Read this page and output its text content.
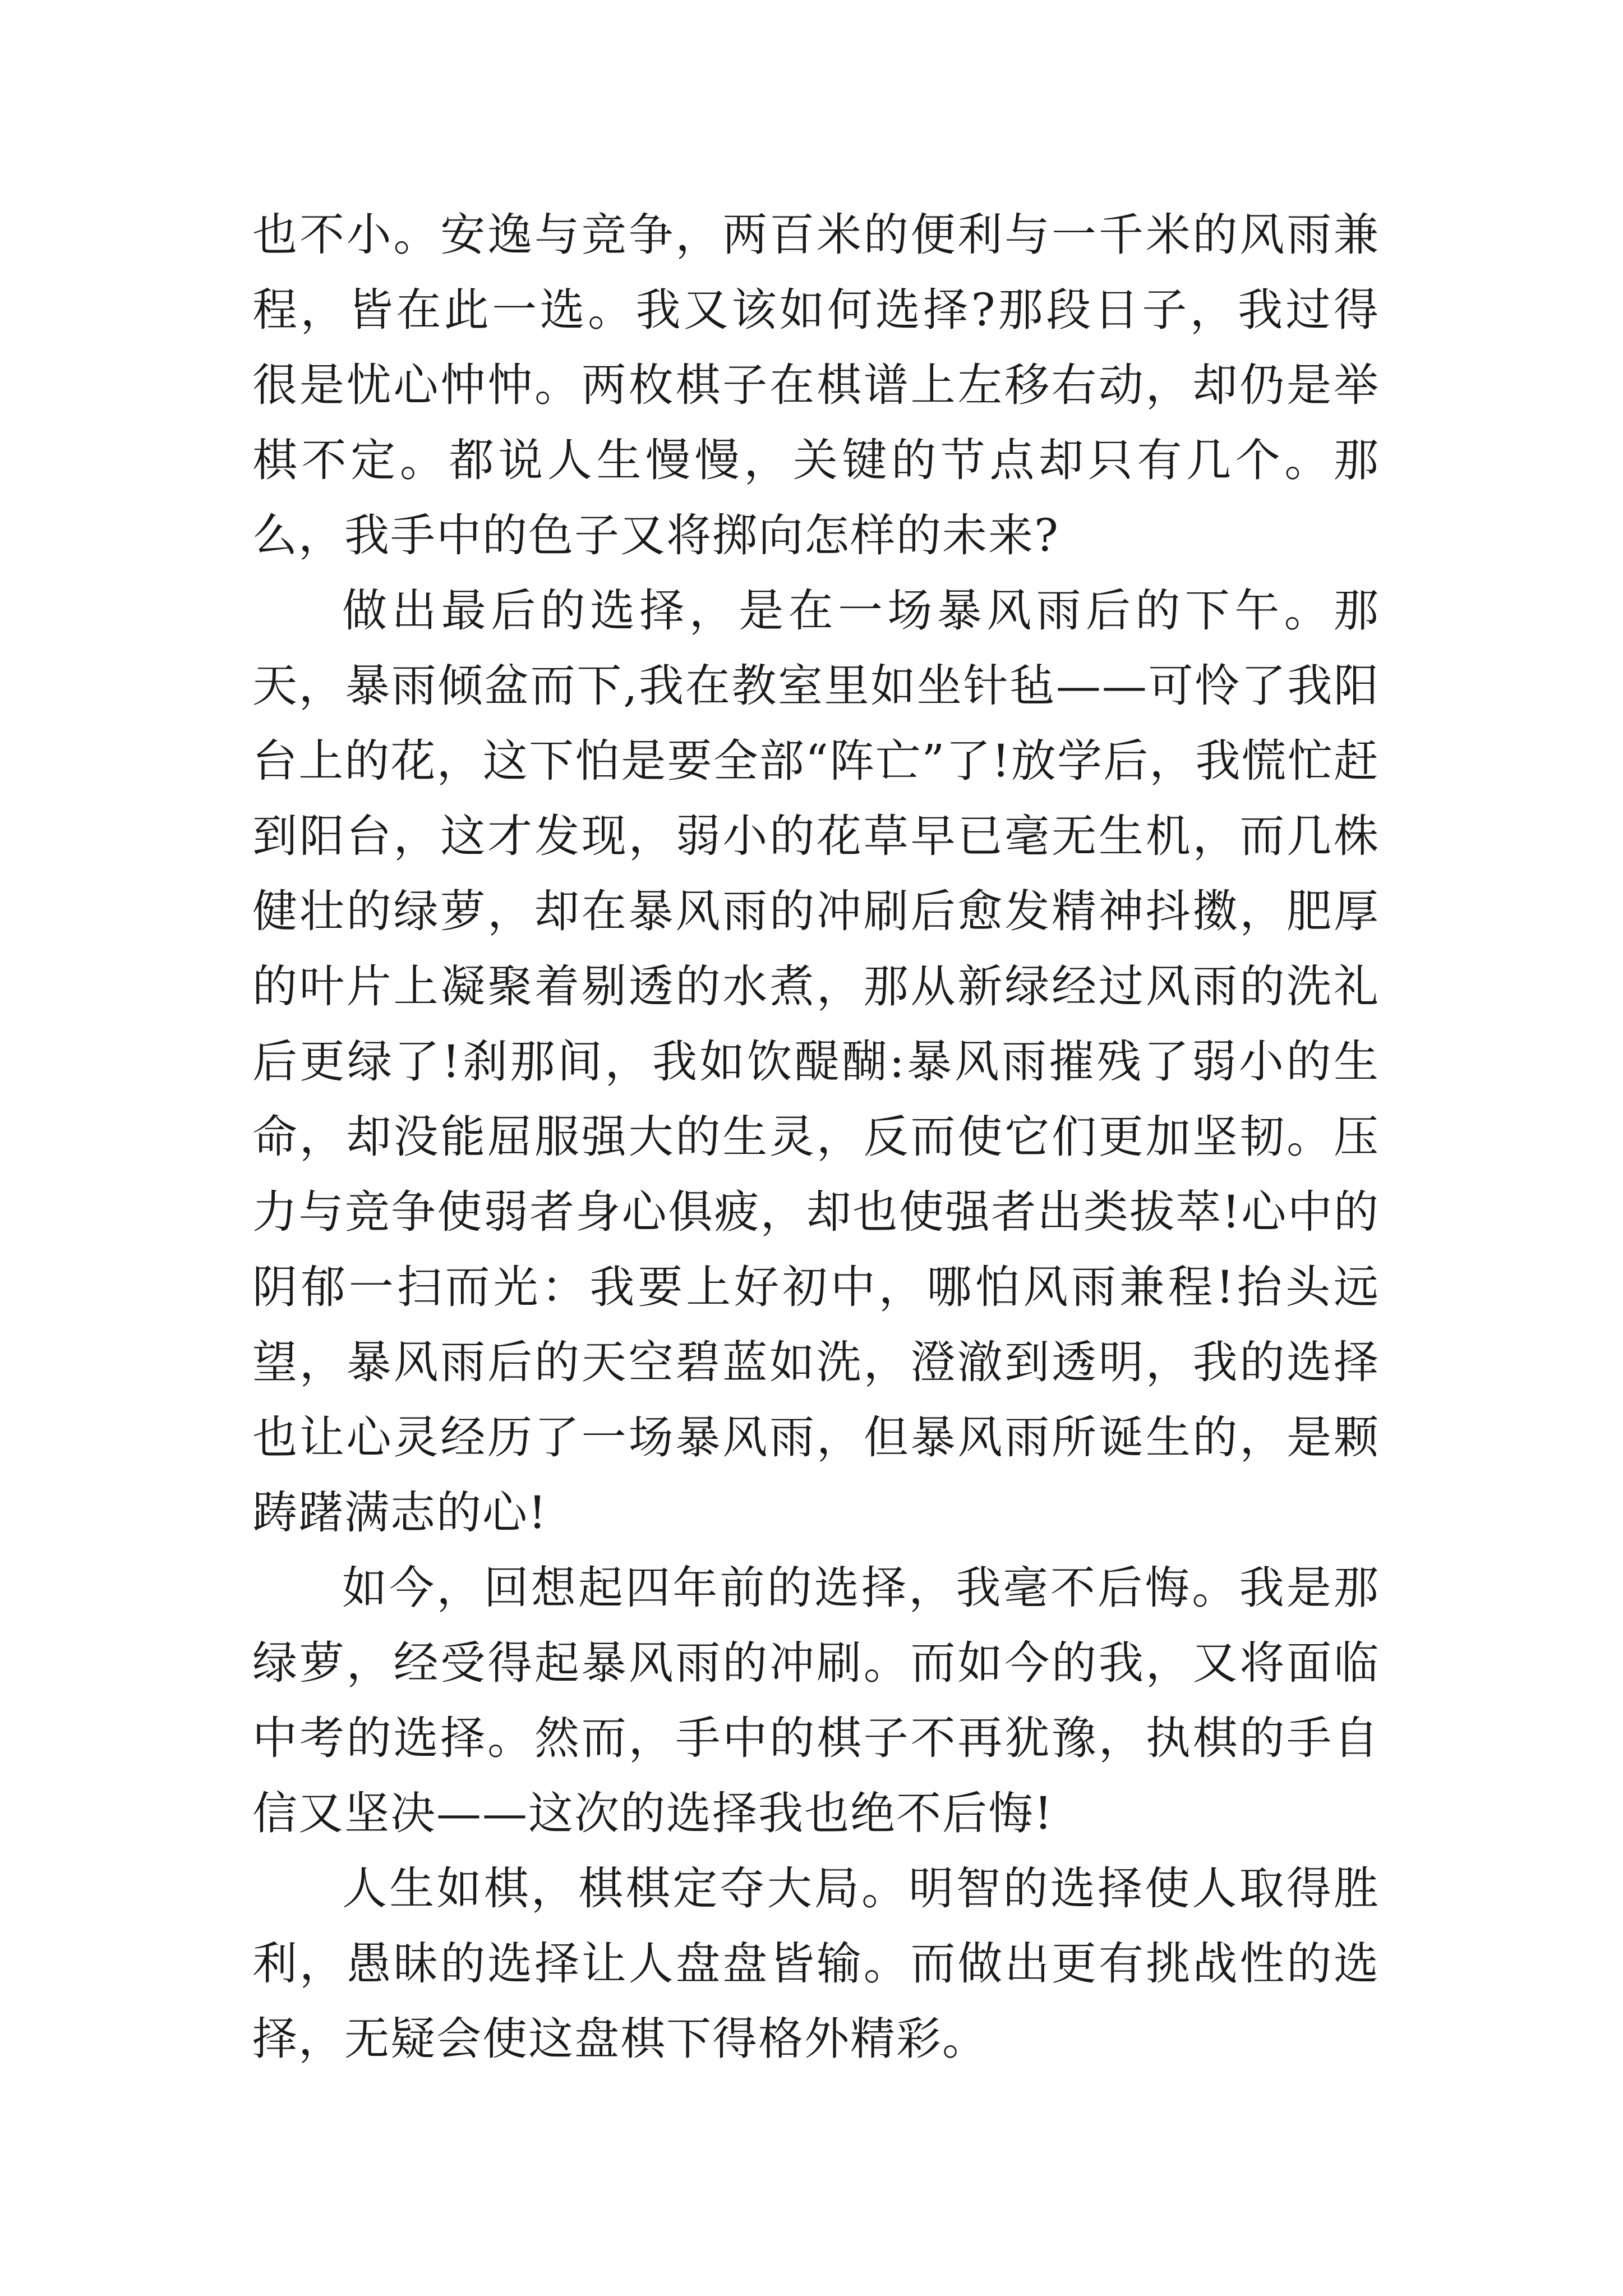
也不小。安逸与竞争，两百米的便利与一千米的风雨兼程，皆在此一选。我又该如何选择?那段日子，我过得很是忧心忡忡。两枚棋子在棋谱上左移右动，却仍是举棋不定。都说人生慢慢，关键的节点却只有几个。那么，我手中的色子又将掷向怎样的未来?

做出最后的选择，是在一场暴风雨后的下午。那天，暴雨倾盆而下,我在教室里如坐针毡——可怜了我阳台上的花，这下怕是要全部“阵亡”了!放学后，我慌忙赶到阳台，这才发现，弱小的花草早已毫无生机，而几株健壮的绿萝，却在暴风雨的冲刷后愈发精神抖擞，肥厚的叶片上凝聚着剔透的水煮，那从新绿经过风雨的洗礼后更绿了!刹那间，我如饮醍醐:暴风雨摧残了弱小的生命，却没能屈服强大的生灵，反而使它们更加坚韧。压力与竞争使弱者身心俱疲，却也使强者出类拔萃!心中的阴郁一扫而光：我要上好初中，哪怕风雨兼程!抬头远望，暴风雨后的天空碧蓝如洗，澄澈到透明，我的选择也让心灵经历了一场暴风雨，但暴风雨所诞生的，是颗踌躇满志的心!

如今，回想起四年前的选择，我毫不后悔。我是那绿萝，经受得起暴风雨的冲刷。而如今的我，又将面临中考的选择。然而，手中的棋子不再犹豫，执棋的手自信又坚决——这次的选择我也绝不后悔!

人生如棋，棋棋定夺大局。明智的选择使人取得胜利，愚昧的选择让人盘盘皆输。而做出更有挑战性的选择，无疑会使这盘棋下得格外精彩。
